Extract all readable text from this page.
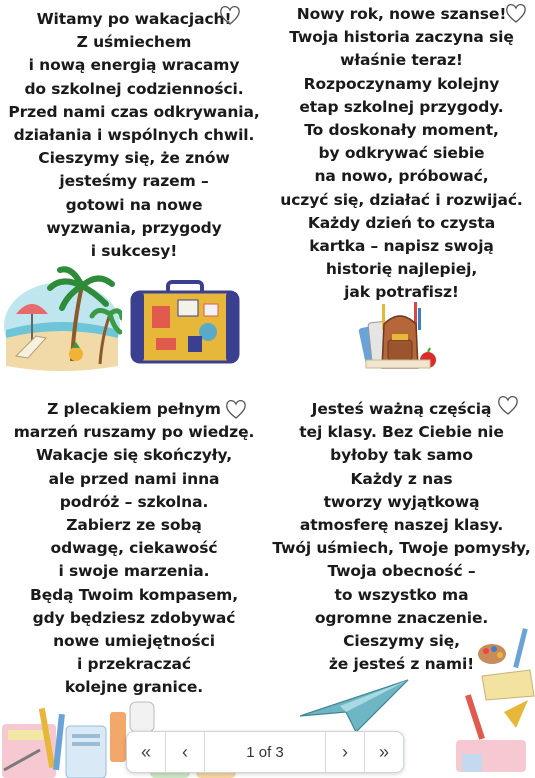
Witamy po wakacjach!
Z uśmiechem
i nową energią wracamy
do szkolnej codzienności.
Przed nami czas odkrywania,
działania i wspólnych chwil.
Cieszymy się, że znów
jesteśmy razem –
gotowi na nowe
wyzwania, przygody
i sukcesy!
Nowy rok, nowe szanse!
Twoja historia zaczyna się
właśnie teraz!
Rozpoczynamy kolejny
etap szkolnej przygody.
To doskonały moment,
by odkrywać siebie
na nowo, próbować,
uczyć się, działać i rozwijać.
Każdy dzień to czysta
kartka – napisz swoją
historię najlepiej,
jak potrafisz!
Z plecakiem pełnym
marzeń ruszamy po wiedzę.
Wakacje się skończyły,
ale przed nami inna
podróż – szkolna.
Zabierz ze sobą
odwagę, ciekawość
i swoje marzenia.
Będą Twoim kompasem,
gdy będziesz zdobywać
nowe umiejętności
i przekraczać
kolejne granice.
Jesteś ważną częścią
tej klasy. Bez Ciebie nie
byłoby tak samo
Każdy z nas
tworzy wyjątkową
atmosferę naszej klasy.
Twój uśmiech, Twoje pomysły,
Twoja obecność –
to wszystko ma
ogromne znaczenie.
Cieszymy się,
że jesteś z nami!
« ‹	1 of 3	› »
